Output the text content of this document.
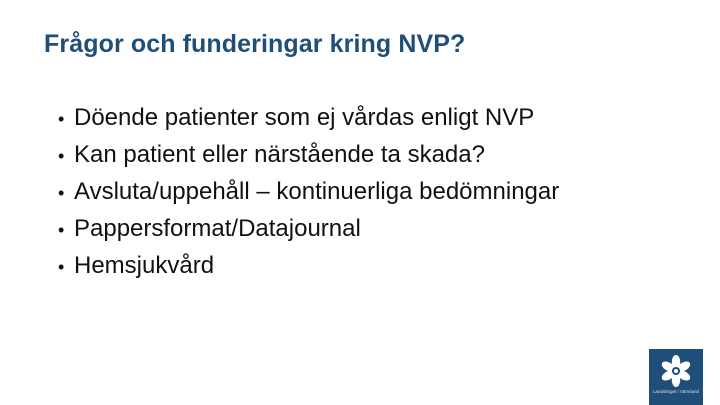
Frågor och funderingar kring NVP?
• Döende patienter som ej vårdas enligt NVP
• Kan patient eller närstående ta skada?
• Avsluta/uppehåll – kontinuerliga bedömningar
• Pappersformat/Datajournal
• Hemsjukvård
Landstinget i Värmland
